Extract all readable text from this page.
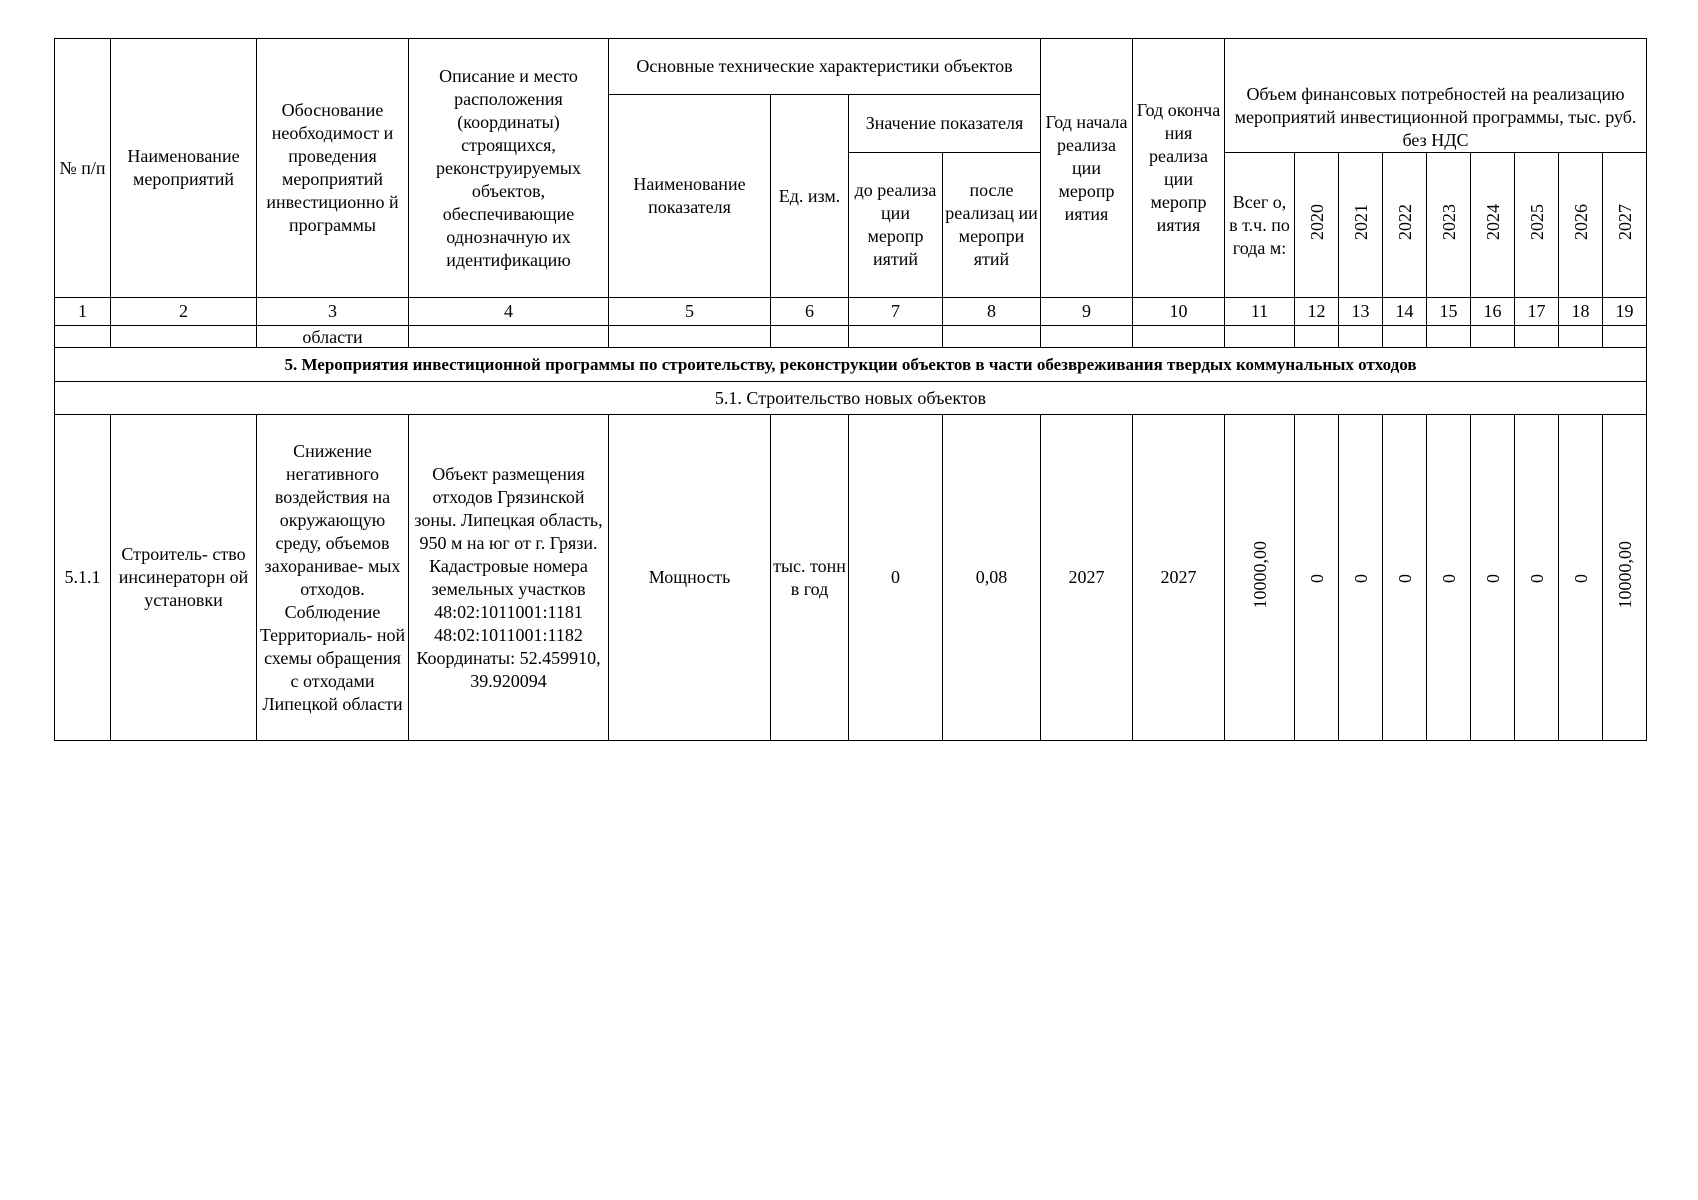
№ п/п	Наименование мероприятий	Обоснование необходимост и проведения мероприятий инвестиционно й программы	Описание и место расположения (координаты) строящихся, реконструируемых объектов, обеспечивающие однозначную их идентификацию	Основные технические характеристики объектов				Год начала реализа ции меропр иятия	Год оконча ния реализа ции меропр иятия	Объем финансовых потребностей на реализацию мероприятий инвестиционной программы, тыс. руб. без НДС								
				Наименование показателя	Ед. изм.	Значение показателя												
						до реализа ции меропр иятий	после реализац ии меропри ятий			Всег о, в т.ч. по года м:	2020	2021	2022	2023	2024	2025	2026	2027
1	2	3	4	5	6	7	8	9	10	11	12	13	14	15	16	17	18	19
		области																
5. Мероприятия инвестиционной программы по строительству, реконструкции объектов в части обезвреживания твердых коммунальных отходов																		
5.1. Строительство новых объектов																		
5.1.1	Строитель- ство инсинераторн ой установки	Снижение негативного воздействия на окружающую среду, объемов захоранивае- мых отходов. Соблюдение Территориаль- ной схемы обращения с отходами Липецкой области	Объект размещения отходов Грязинской зоны. Липецкая область, 950 м на юг от г. Грязи. Кадастровые номера земельных участков 48:02:1011001:1181 48:02:1011001:1182 Координаты: 52.459910, 39.920094	Мощность	тыс. тонн в год	0	0,08	2027	2027	10000,00	0	0	0	0	0	0	0	10000,00
